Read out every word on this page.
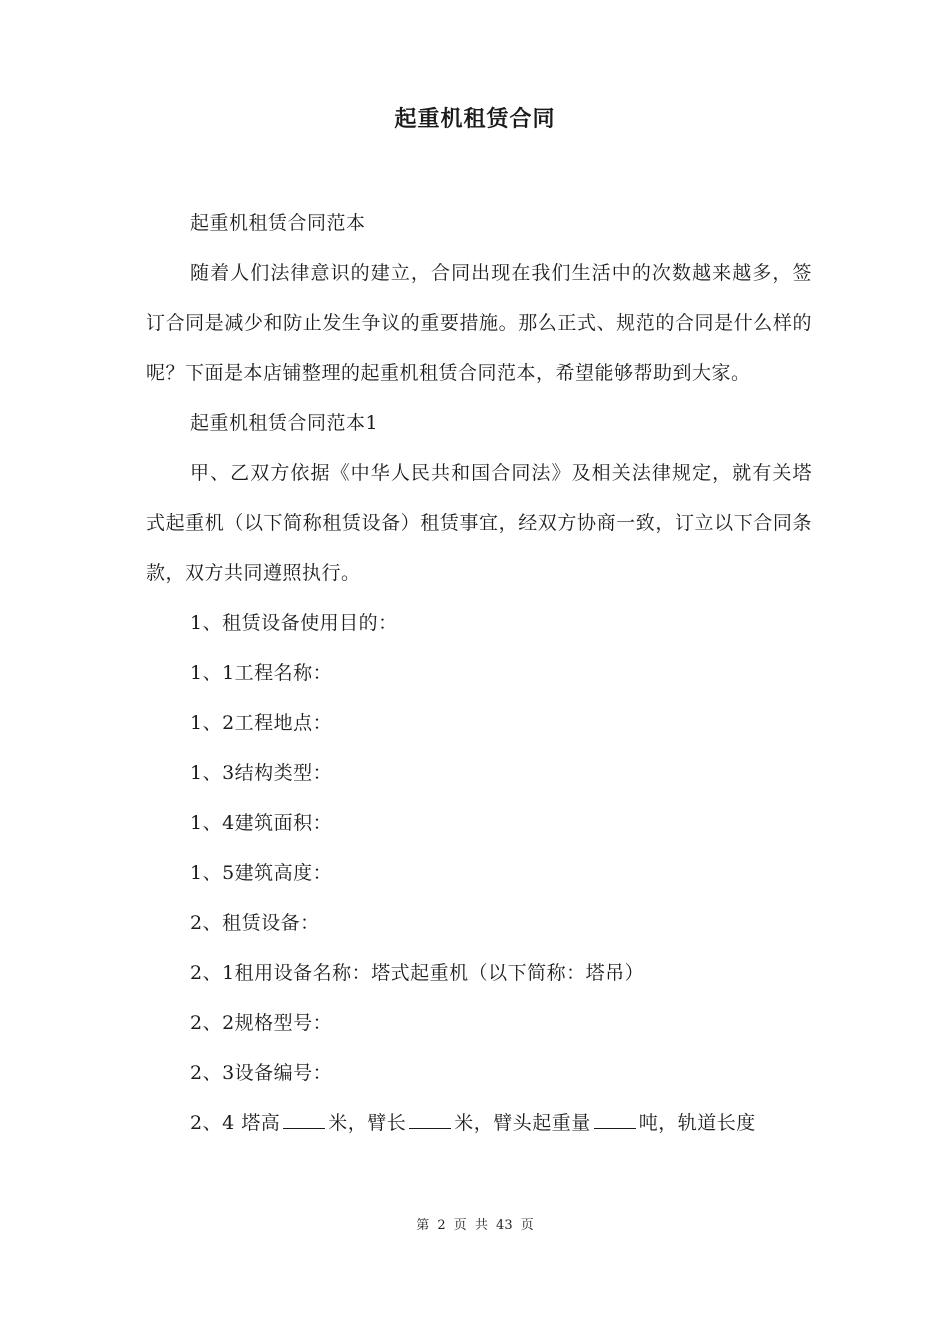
起重机租赁合同

起重机租赁合同范本

随着人们法律意识的建立，合同出现在我们生活中的次数越来越多，签订合同是减少和防止发生争议的重要措施。那么正式、规范的合同是什么样的呢？下面是本店铺整理的起重机租赁合同范本，希望能够帮助到大家。

起重机租赁合同范本1

甲、乙双方依据《中华人民共和国合同法》及相关法律规定，就有关塔式起重机（以下简称租赁设备）租赁事宜，经双方协商一致，订立以下合同条款，双方共同遵照执行。

1、租赁设备使用目的：

1、1工程名称：

1、2工程地点：

1、3结构类型：

1、4建筑面积：

1、5建筑高度：

2、租赁设备：

2、1租用设备名称：塔式起重机（以下简称：塔吊）

2、2规格型号：

2、3设备编号：

2、4 塔高	米，臂长	米，臂头起重量	吨，轨道长度

第 2 页 共 43 页
